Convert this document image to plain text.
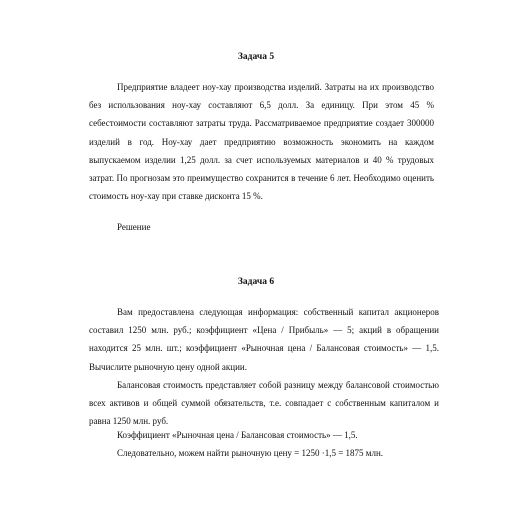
Задача 5

Предприятие владеет ноу-хау производства изделий. Затраты на их производство без использования ноу-хау составляют 6,5 долл. За единицу. При этом 45 % себестоимости составляют затраты труда. Рассматриваемое предприятие создает 300000 изделий в год. Ноу-хау дает предприятию возможность экономить на каждом выпускаемом изделии 1,25 долл. за счет используемых материалов и 40 % трудовых затрат. По прогнозам это преимущество сохранится в течение 6 лет. Необходимо оценить стоимость ноу-хау при ставке дисконта 15 %.

Решение
Задача 6

Вам предоставлена следующая информация: собственный капитал акционеров составил 1250 млн. руб.; коэффициент «Цена / Прибыль» — 5; акций в обращении находится 25 млн. шт.; коэффициент «Рыночная цена / Балансовая стоимость» — 1,5. Вычислите рыночную цену одной акции.

Балансовая стоимость представляет собой разницу между балансовой стоимостью всех активов и общей суммой обязательств, т.е. совпадает с собственным капиталом и равна 1250 млн. руб.

Коэффициент «Рыночная цена / Балансовая стоимость» — 1,5.
Следовательно, можем найти рыночную цену = 1250 ·1,5 = 1875 млн.
